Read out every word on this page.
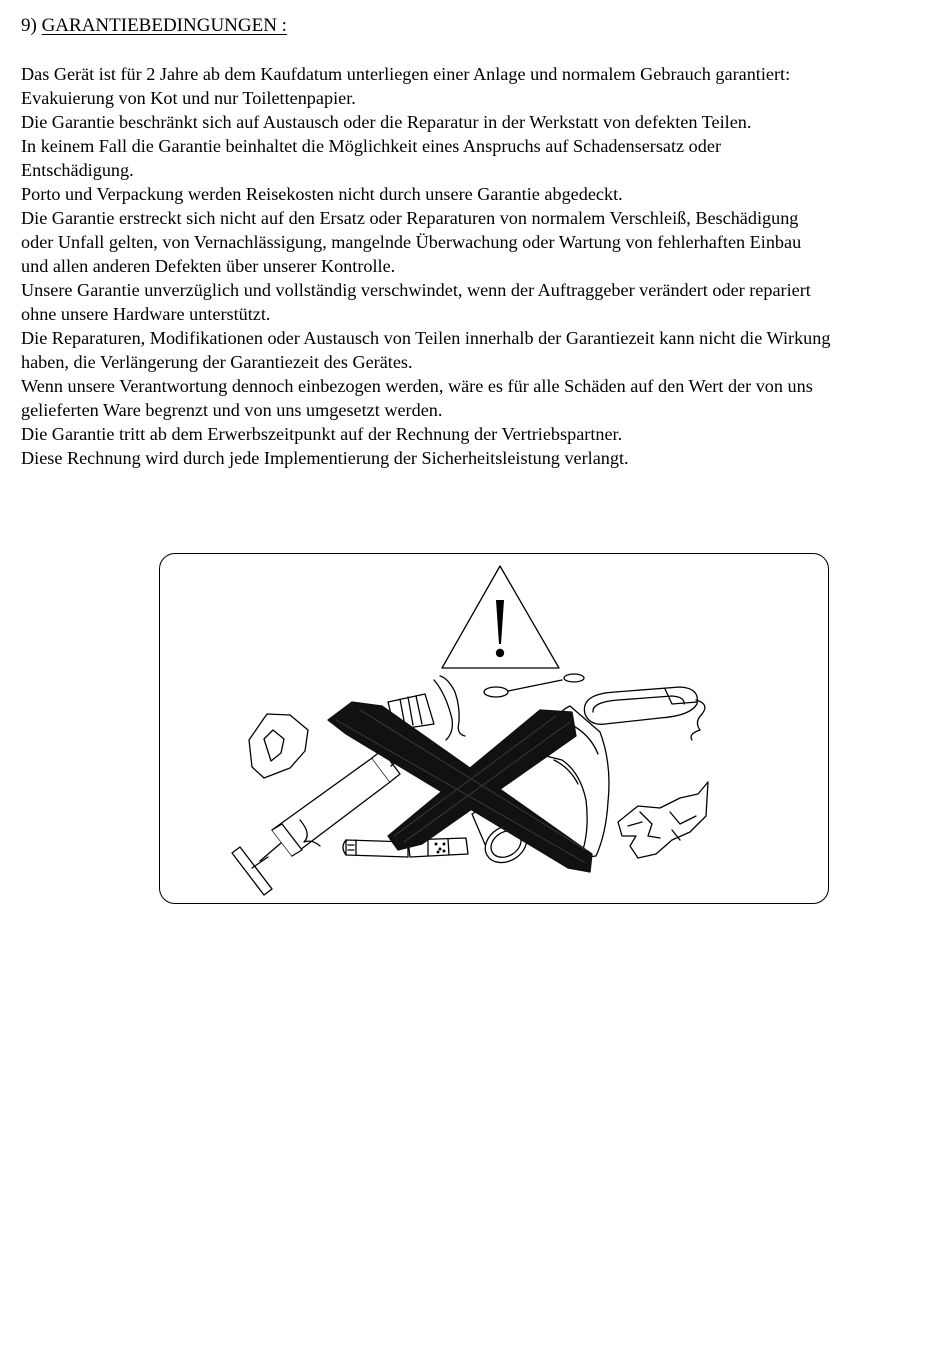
9) GARANTIEBEDINGUNGEN :
Das Gerät ist für 2 Jahre ab dem Kaufdatum unterliegen einer Anlage und normalem Gebrauch garantiert:
Evakuierung von Kot und nur Toilettenpapier.
Die Garantie beschränkt sich auf Austausch oder die Reparatur in der Werkstatt von defekten Teilen.
In keinem Fall die Garantie beinhaltet die Möglichkeit eines Anspruchs auf Schadensersatz oder
Entschädigung.
Porto und Verpackung werden Reisekosten nicht durch unsere Garantie abgedeckt.
Die Garantie erstreckt sich nicht auf den Ersatz oder Reparaturen von normalem Verschleiß, Beschädigung
oder Unfall gelten, von Vernachlässigung, mangelnde Überwachung oder Wartung von fehlerhaften Einbau
und allen anderen Defekten über unserer Kontrolle.
Unsere Garantie unverzüglich und vollständig verschwindet, wenn der Auftraggeber verändert oder repariert
ohne unsere Hardware unterstützt.
Die Reparaturen, Modifikationen oder Austausch von Teilen innerhalb der Garantiezeit kann nicht die Wirkung
haben, die Verlängerung der Garantiezeit des Gerätes.
Wenn unsere Verantwortung dennoch einbezogen werden, wäre es für alle Schäden auf den Wert der von uns
gelieferten Ware begrenzt und von uns umgesetzt werden.
Die Garantie tritt ab dem Erwerbszeitpunkt auf der Rechnung der Vertriebspartner.
Diese Rechnung wird durch jede Implementierung der Sicherheitsleistung verlangt.
